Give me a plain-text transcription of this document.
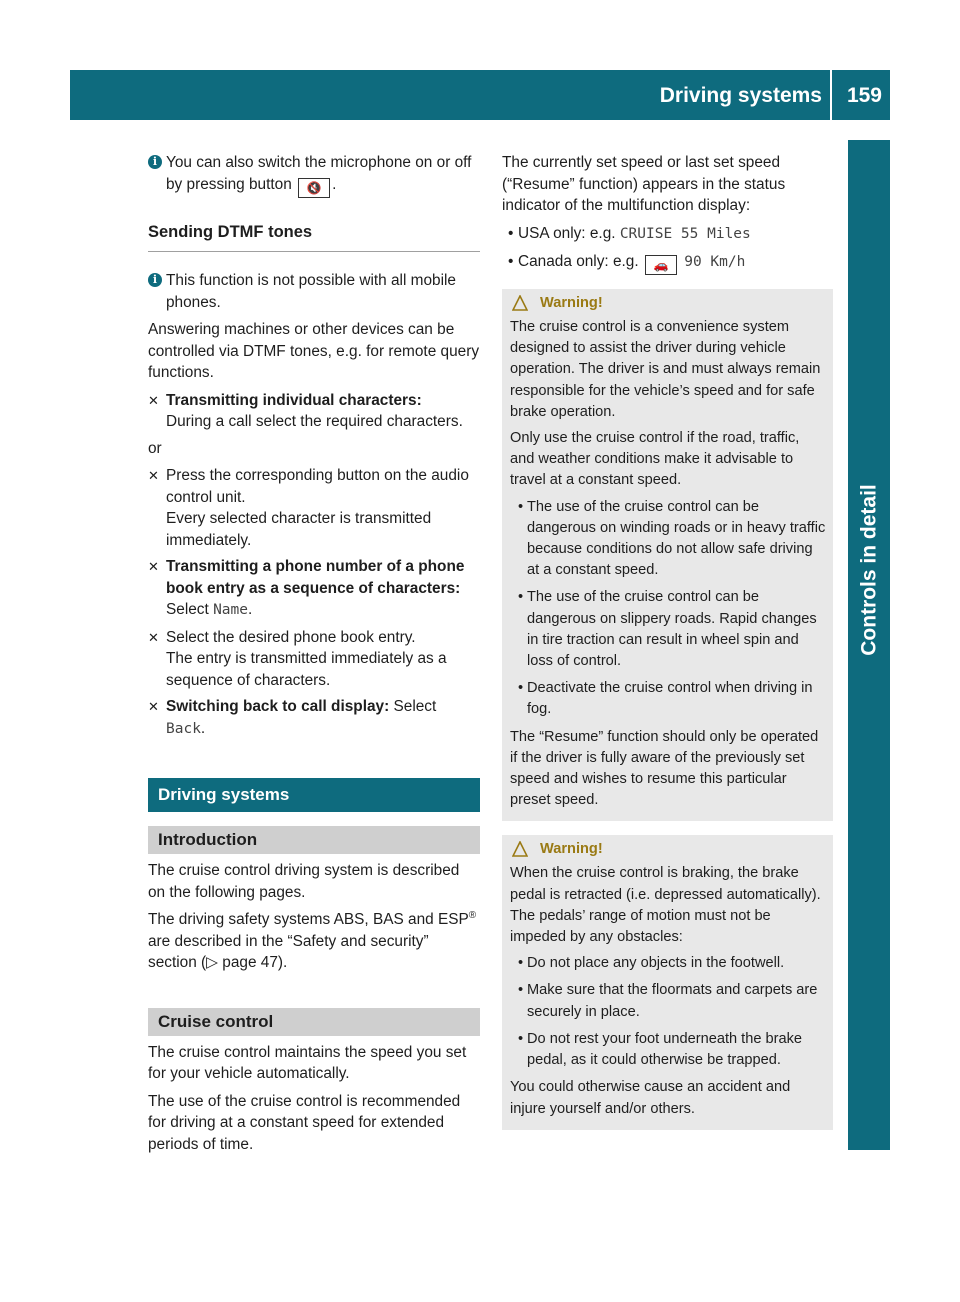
Driving systems 159
Controls in detail
i You can also switch the microphone on or off by pressing button 🔇 .
Sending DTMF tones
i This function is not possible with all mobile phones.

Answering machines or other devices can be controlled via DTMF tones, e.g. for remote query functions.

✕ Transmitting individual characters:
During a call select the required characters.

or

✕ Press the corresponding button on the audio control unit.
Every selected character is transmitted immediately.
✕ Transmitting a phone number of a phone book entry as a sequence of characters: Select Name.
✕ Select the desired phone book entry.
The entry is transmitted immediately as a sequence of characters.
✕ Switching back to call display: Select
Back.
Driving systems
Introduction

The cruise control driving system is described on the following pages.

The driving safety systems ABS, BAS and ESP® are described in the “Safety and security” section (▷ page 47).

Cruise control

The cruise control maintains the speed you set for your vehicle automatically.

The use of the cruise control is recommended for driving at a constant speed for extended periods of time.

The currently set speed or last set speed (“Resume” function) appears in the status indicator of the multifunction display:

• USA only: e.g. CRUISE 55 Miles
• Canada only: e.g. 🚗 90 Km/h
Warning!

The cruise control is a convenience system designed to assist the driver during vehicle operation. The driver is and must always remain responsible for the vehicle’s speed and for safe brake operation.

Only use the cruise control if the road, traffic, and weather conditions make it advisable to travel at a constant speed.

• The use of the cruise control can be dangerous on winding roads or in heavy traffic because conditions do not allow safe driving at a constant speed.
• The use of the cruise control can be dangerous on slippery roads. Rapid changes in tire traction can result in wheel spin and loss of control.
• Deactivate the cruise control when driving in fog.

The “Resume” function should only be operated if the driver is fully aware of the previously set speed and wishes to resume this particular preset speed.

Warning!

When the cruise control is braking, the brake pedal is retracted (i.e. depressed automatically). The pedals’ range of motion must not be impeded by any obstacles:

• Do not place any objects in the footwell.
• Make sure that the floormats and carpets are securely in place.
• Do not rest your foot underneath the brake pedal, as it could otherwise be trapped.

You could otherwise cause an accident and injure yourself and/or others.
